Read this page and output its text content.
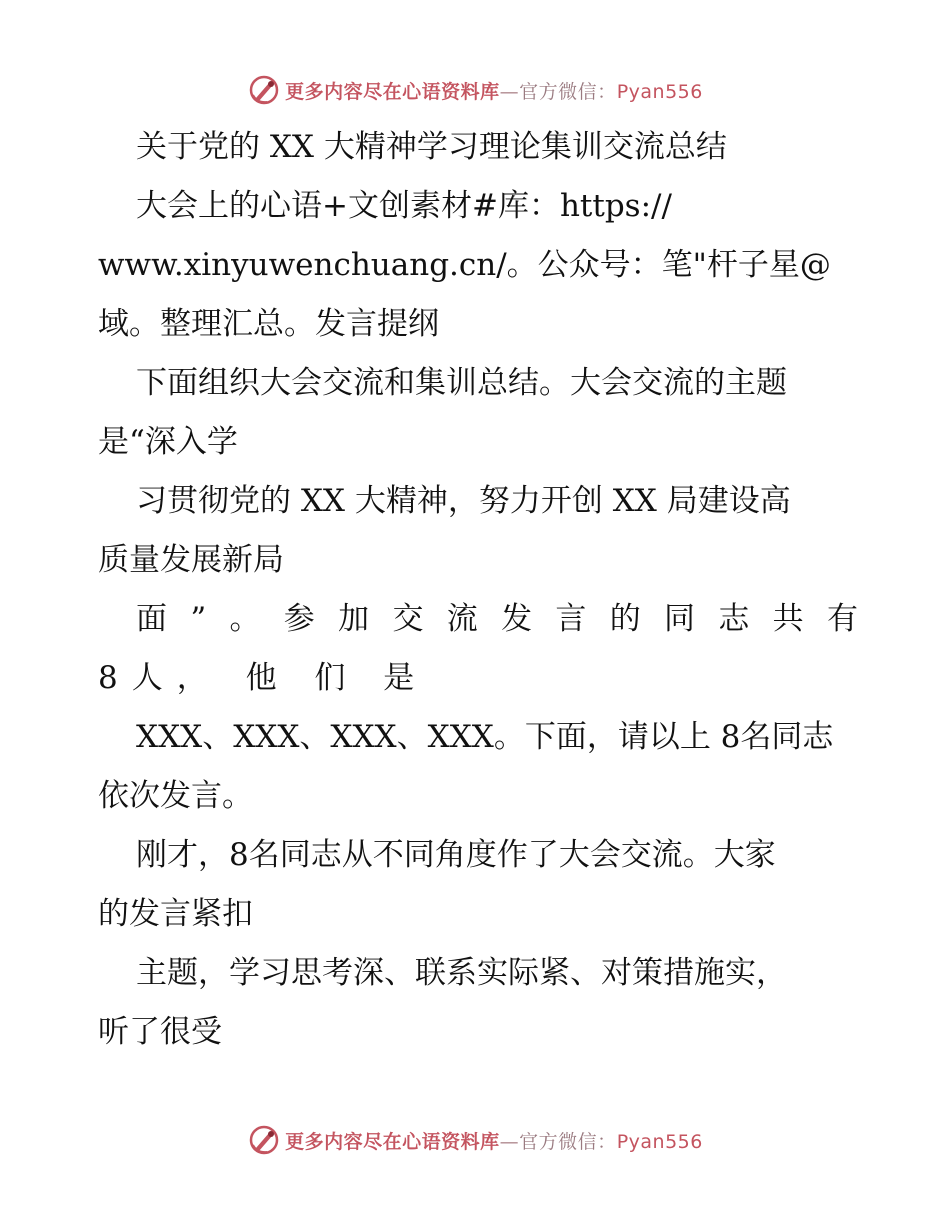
更多内容尽在心语资料库—官方微信：Pyan556
关于党的 XX 大精神学习理论集训交流总结
大会上的心语+文创素材#库：https://
www.xinyuwenchuang.cn/。公众号：笔"杆子星@
域。整理汇总。发言提纲
下面组织大会交流和集训总结。大会交流的主题
是“深入学
习贯彻党的 XX 大精神，努力开创 XX 局建设高
质量发展新局
面”。参加交流发言的同志共有
8人， 他 们 是
XXX、XXX、XXX、XXX。下面，请以上 8名同志
依次发言。
刚才，8名同志从不同角度作了大会交流。大家
的发言紧扣
主题，学习思考深、联系实际紧、对策措施实，
听了很受
更多内容尽在心语资料库—官方微信：Pyan556
